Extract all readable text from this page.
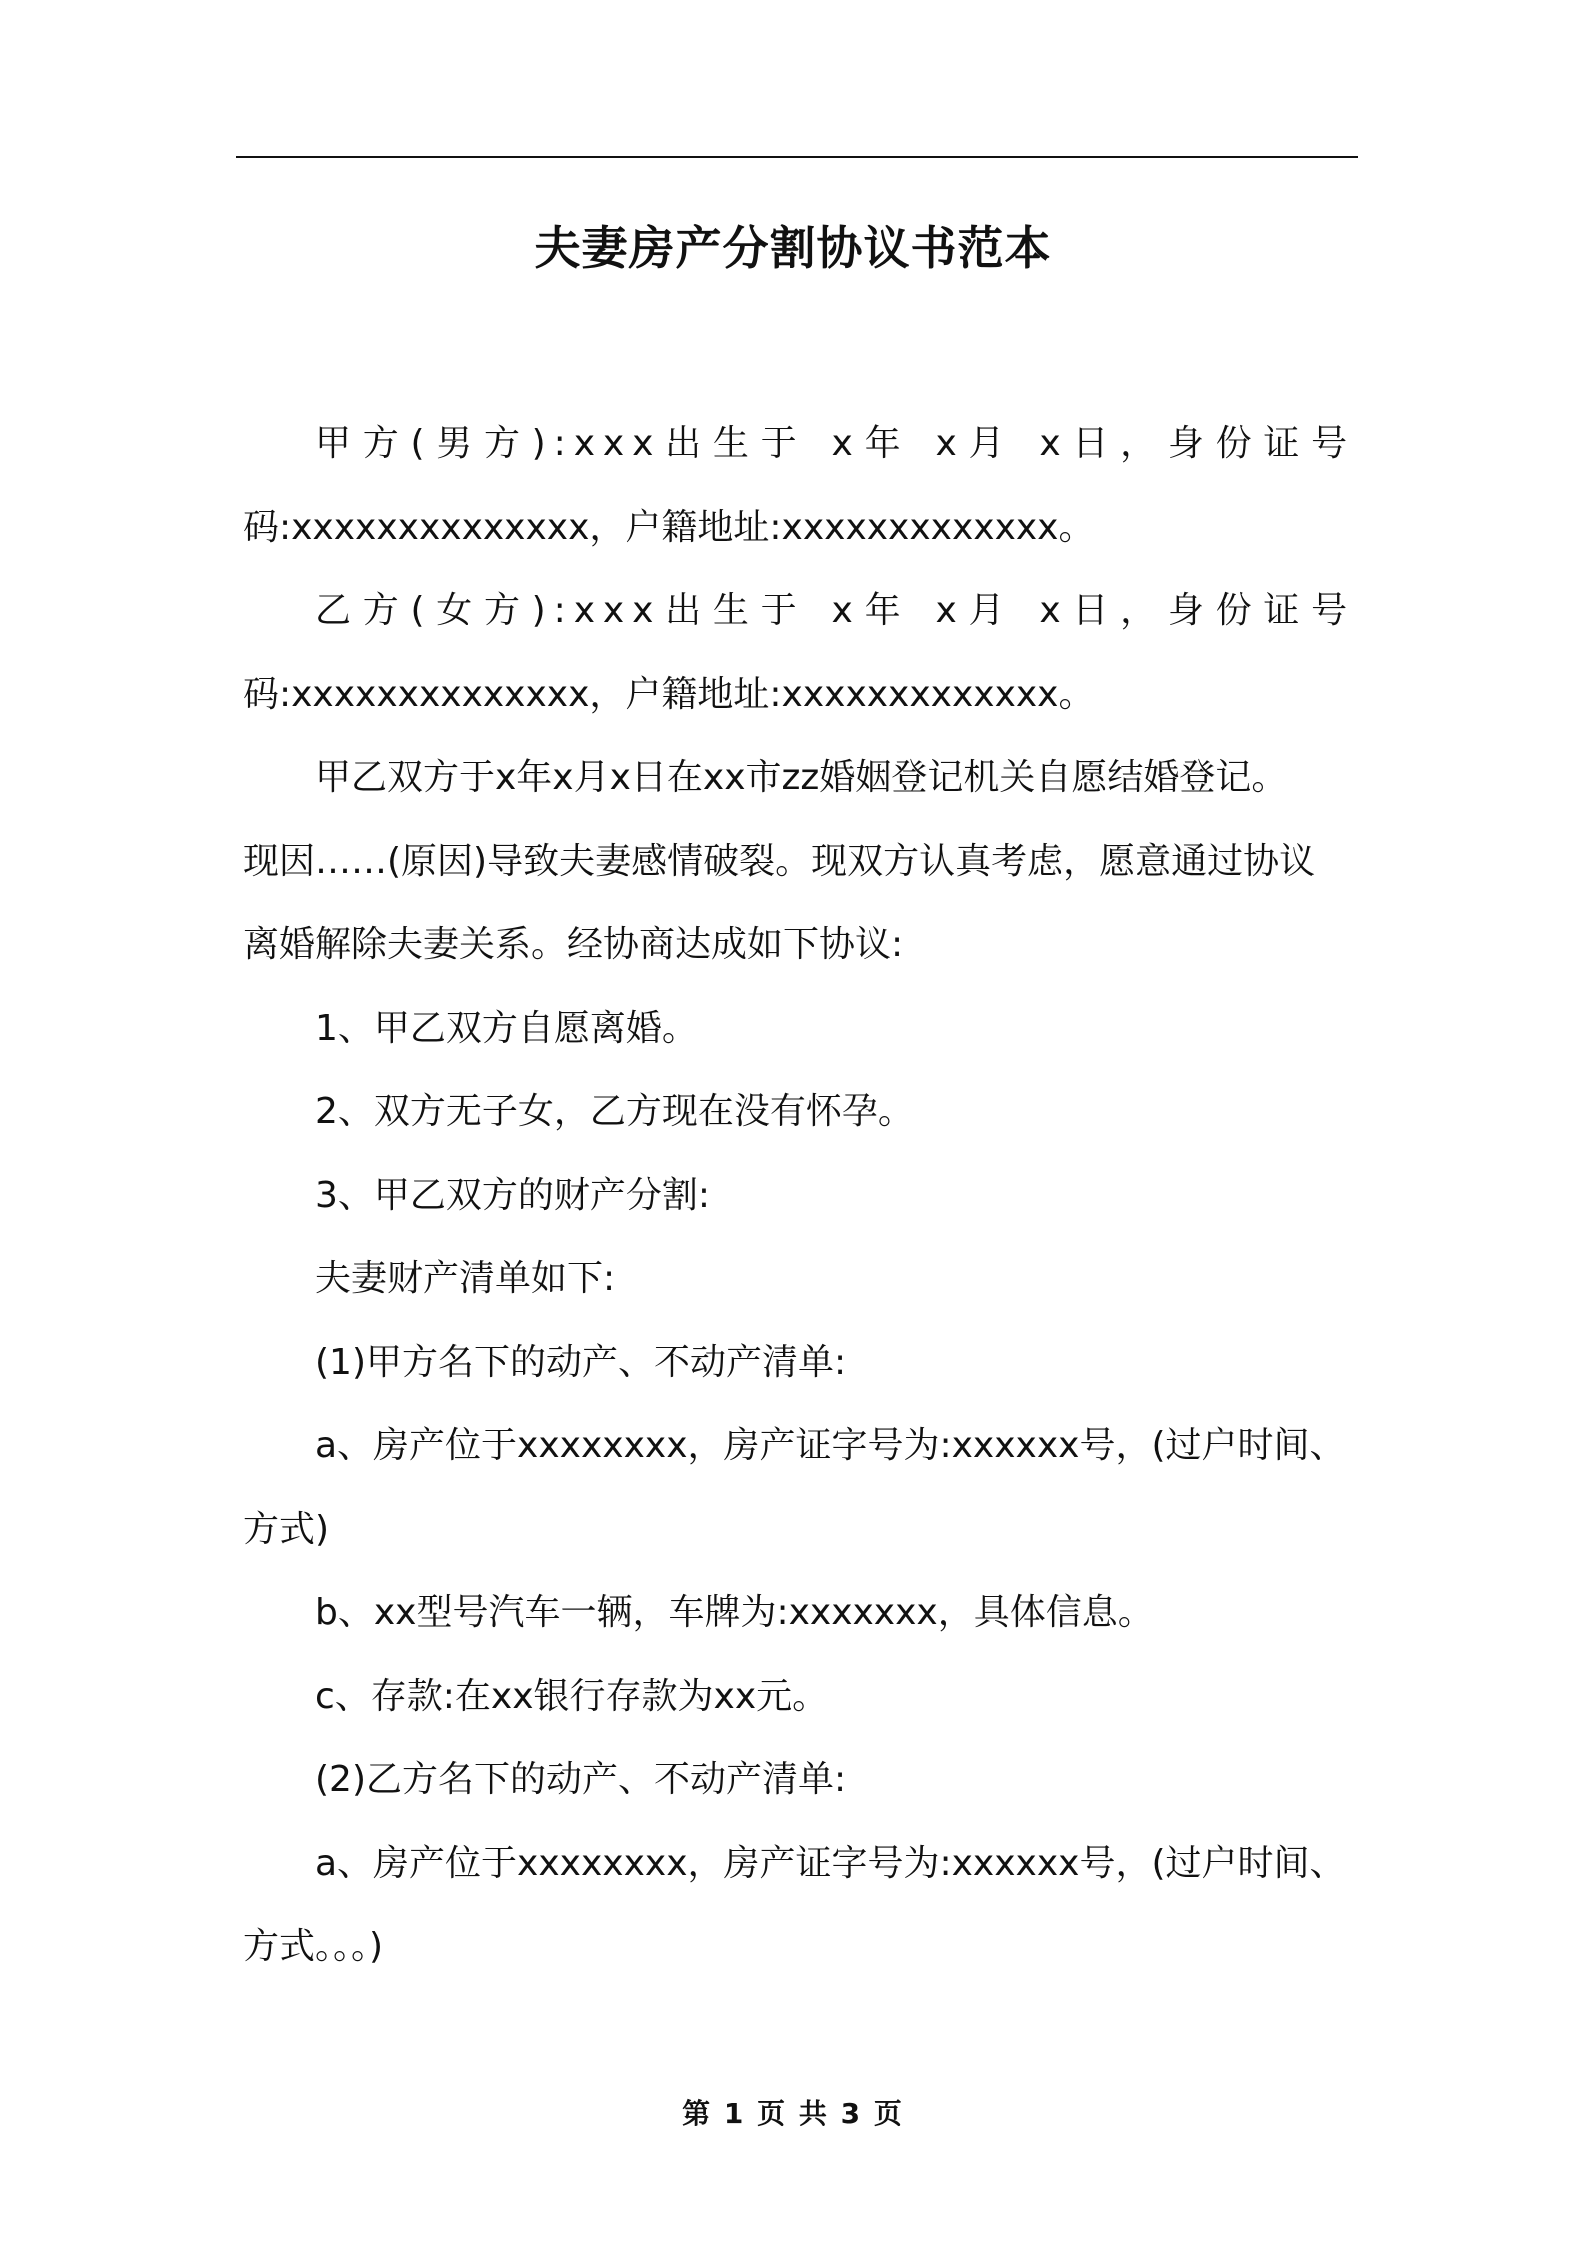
夫妻房产分割协议书范本

甲方(男方):xxx出生于 x年 x月 x日，身份证号

码:xxxxxxxxxxxxxx，户籍地址:xxxxxxxxxxxxx。

乙方(女方):xxx出生于 x年 x月 x日，身份证号

码:xxxxxxxxxxxxxx，户籍地址:xxxxxxxxxxxxx。

甲乙双方于x年x月x日在xx市zz婚姻登记机关自愿结婚登记。

现因……(原因)导致夫妻感情破裂。现双方认真考虑，愿意通过协议

离婚解除夫妻关系。经协商达成如下协议:

1、甲乙双方自愿离婚。

2、双方无子女，乙方现在没有怀孕。

3、甲乙双方的财产分割:

夫妻财产清单如下:

(1)甲方名下的动产、不动产清单:

a、房产位于xxxxxxxx，房产证字号为:xxxxxx号，(过户时间、

方式)

b、xx型号汽车一辆，车牌为:xxxxxxx，具体信息。

c、存款:在xx银行存款为xx元。

(2)乙方名下的动产、不动产清单:

a、房产位于xxxxxxxx，房产证字号为:xxxxxx号，(过户时间、

方式。。。)

第 1 页 共 3 页
